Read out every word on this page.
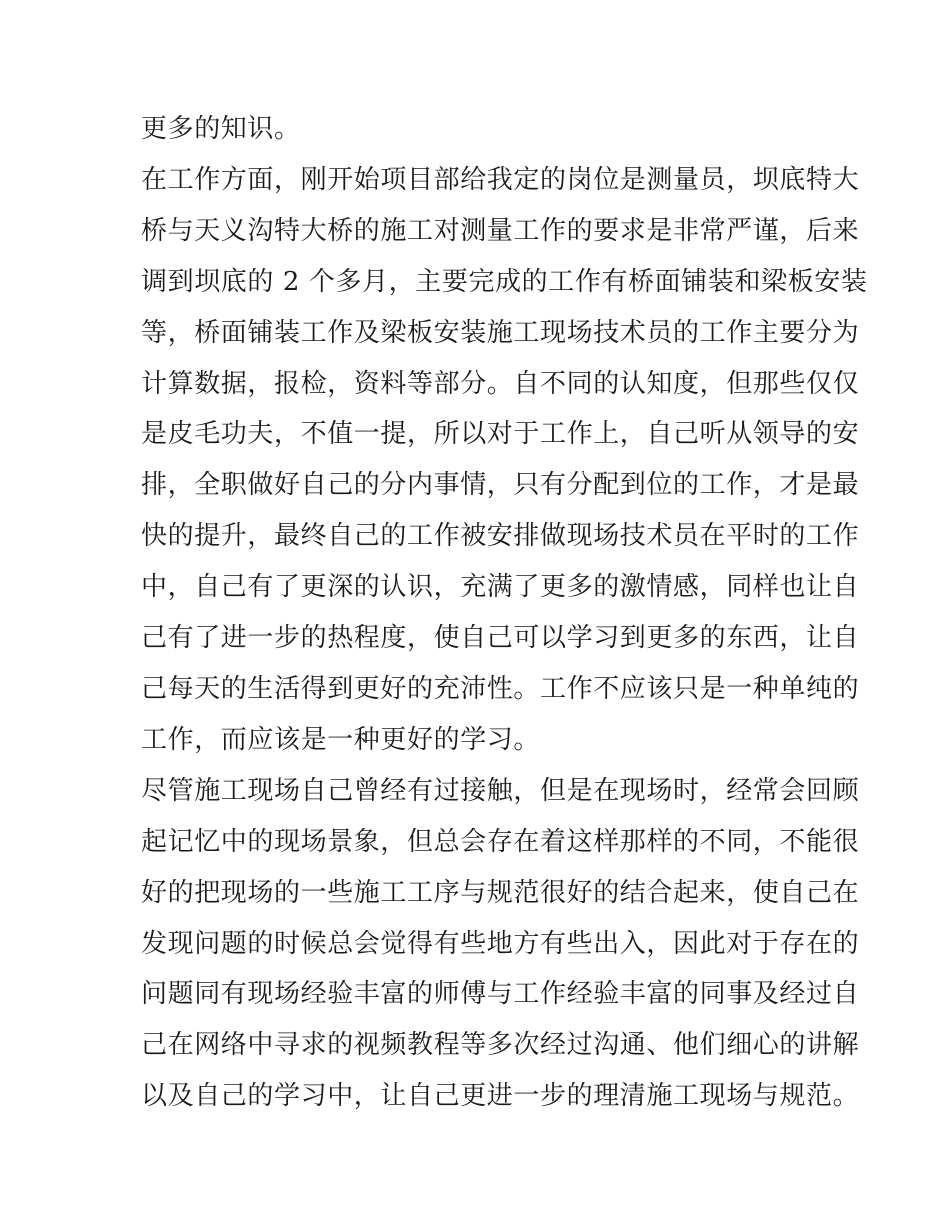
更多的知识。
在工作方面，刚开始项目部给我定的岗位是测量员，坝底特大
桥与天义沟特大桥的施工对测量工作的要求是非常严谨，后来
调到坝底的 2 个多月，主要完成的工作有桥面铺装和梁板安装
等，桥面铺装工作及梁板安装施工现场技术员的工作主要分为
计算数据，报检，资料等部分。自不同的认知度，但那些仅仅
是皮毛功夫，不值一提，所以对于工作上，自己听从领导的安
排，全职做好自己的分内事情，只有分配到位的工作，才是最
快的提升，最终自己的工作被安排做现场技术员在平时的工作
中，自己有了更深的认识，充满了更多的激情感，同样也让自
己有了进一步的热程度，使自己可以学习到更多的东西，让自
己每天的生活得到更好的充沛性。工作不应该只是一种单纯的
工作，而应该是一种更好的学习。
尽管施工现场自己曾经有过接触，但是在现场时，经常会回顾
起记忆中的现场景象，但总会存在着这样那样的不同，不能很
好的把现场的一些施工工序与规范很好的结合起来，使自己在
发现问题的时候总会觉得有些地方有些出入，因此对于存在的
问题同有现场经验丰富的师傅与工作经验丰富的同事及经过自
己在网络中寻求的视频教程等多次经过沟通、他们细心的讲解
以及自己的学习中，让自己更进一步的理清施工现场与规范。
